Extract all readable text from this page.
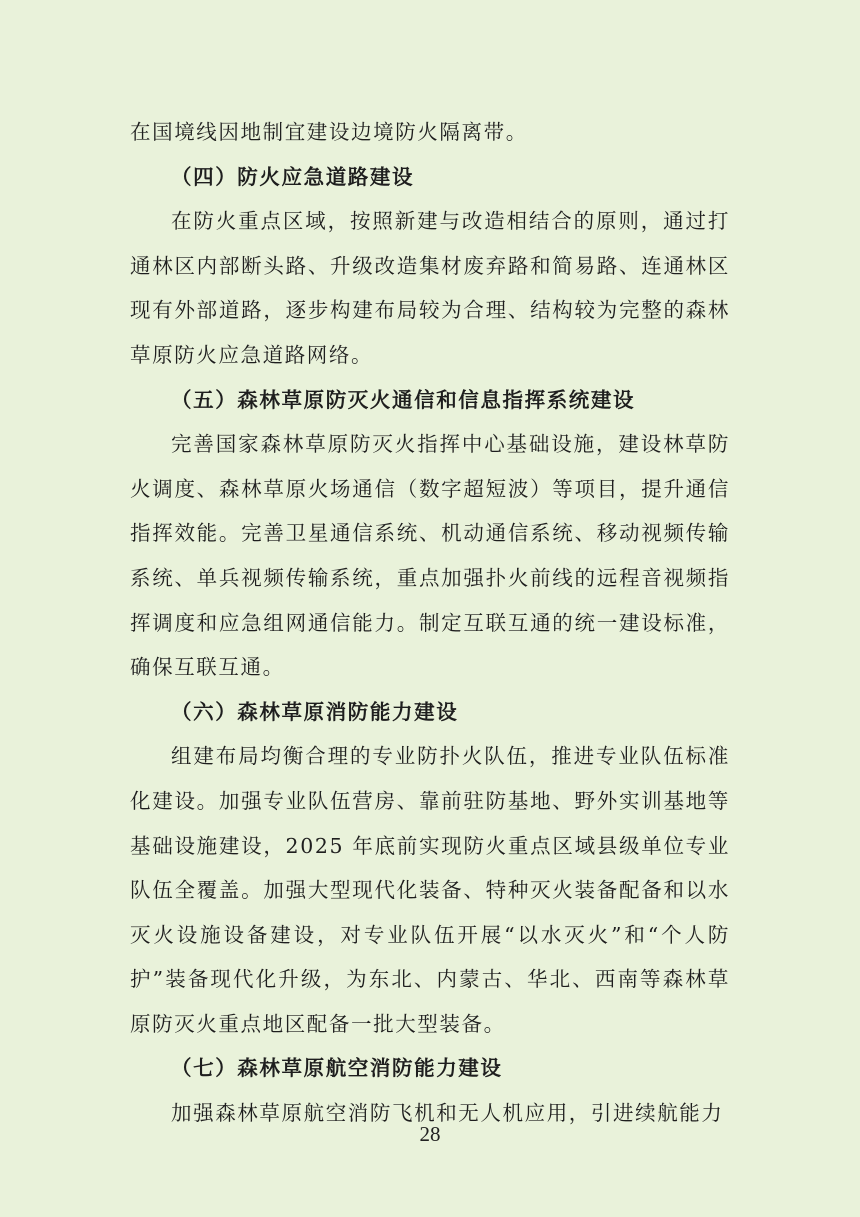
在国境线因地制宜建设边境防火隔离带。

（四）防火应急道路建设

在防火重点区域，按照新建与改造相结合的原则，通过打通林区内部断头路、升级改造集材废弃路和简易路、连通林区现有外部道路，逐步构建布局较为合理、结构较为完整的森林草原防火应急道路网络。

（五）森林草原防灭火通信和信息指挥系统建设

完善国家森林草原防灭火指挥中心基础设施，建设林草防火调度、森林草原火场通信（数字超短波）等项目，提升通信指挥效能。完善卫星通信系统、机动通信系统、移动视频传输系统、单兵视频传输系统，重点加强扑火前线的远程音视频指挥调度和应急组网通信能力。制定互联互通的统一建设标准，确保互联互通。

（六）森林草原消防能力建设

组建布局均衡合理的专业防扑火队伍，推进专业队伍标准化建设。加强专业队伍营房、靠前驻防基地、野外实训基地等基础设施建设，2025 年底前实现防火重点区域县级单位专业队伍全覆盖。加强大型现代化装备、特种灭火装备配备和以水灭火设施设备建设，对专业队伍开展“以水灭火”和“个人防护”装备现代化升级，为东北、内蒙古、华北、西南等森林草原防灭火重点地区配备一批大型装备。

（七）森林草原航空消防能力建设

加强森林草原航空消防飞机和无人机应用，引进续航能力

28
